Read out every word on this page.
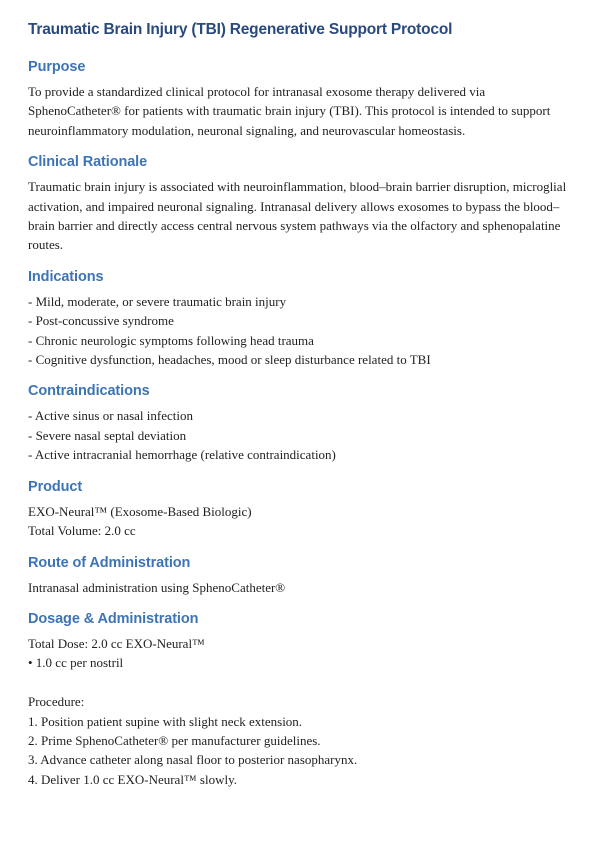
Traumatic Brain Injury (TBI) Regenerative Support Protocol
Purpose

To provide a standardized clinical protocol for intranasal exosome therapy delivered via SphenoCatheter® for patients with traumatic brain injury (TBI). This protocol is intended to support neuroinflammatory modulation, neuronal signaling, and neurovascular homeostasis.

Clinical Rationale

Traumatic brain injury is associated with neuroinflammation, blood–brain barrier disruption, microglial activation, and impaired neuronal signaling. Intranasal delivery allows exosomes to bypass the blood–brain barrier and directly access central nervous system pathways via the olfactory and sphenopalatine routes.

Indications
- Mild, moderate, or severe traumatic brain injury
- Post-concussive syndrome
- Chronic neurologic symptoms following head trauma
- Cognitive dysfunction, headaches, mood or sleep disturbance related to TBI
Contraindications
- Active sinus or nasal infection
- Severe nasal septal deviation
- Active intracranial hemorrhage (relative contraindication)
Product
EXO-Neural™ (Exosome-Based Biologic)
Total Volume: 2.0 cc
Route of Administration
Intranasal administration using SphenoCatheter®
Dosage & Administration
Total Dose: 2.0 cc EXO-Neural™
• 1.0 cc per nostril
Procedure:
1. Position patient supine with slight neck extension.
2. Prime SphenoCatheter® per manufacturer guidelines.
3. Advance catheter along nasal floor to posterior nasopharynx.
4. Deliver 1.0 cc EXO-Neural™ slowly.
